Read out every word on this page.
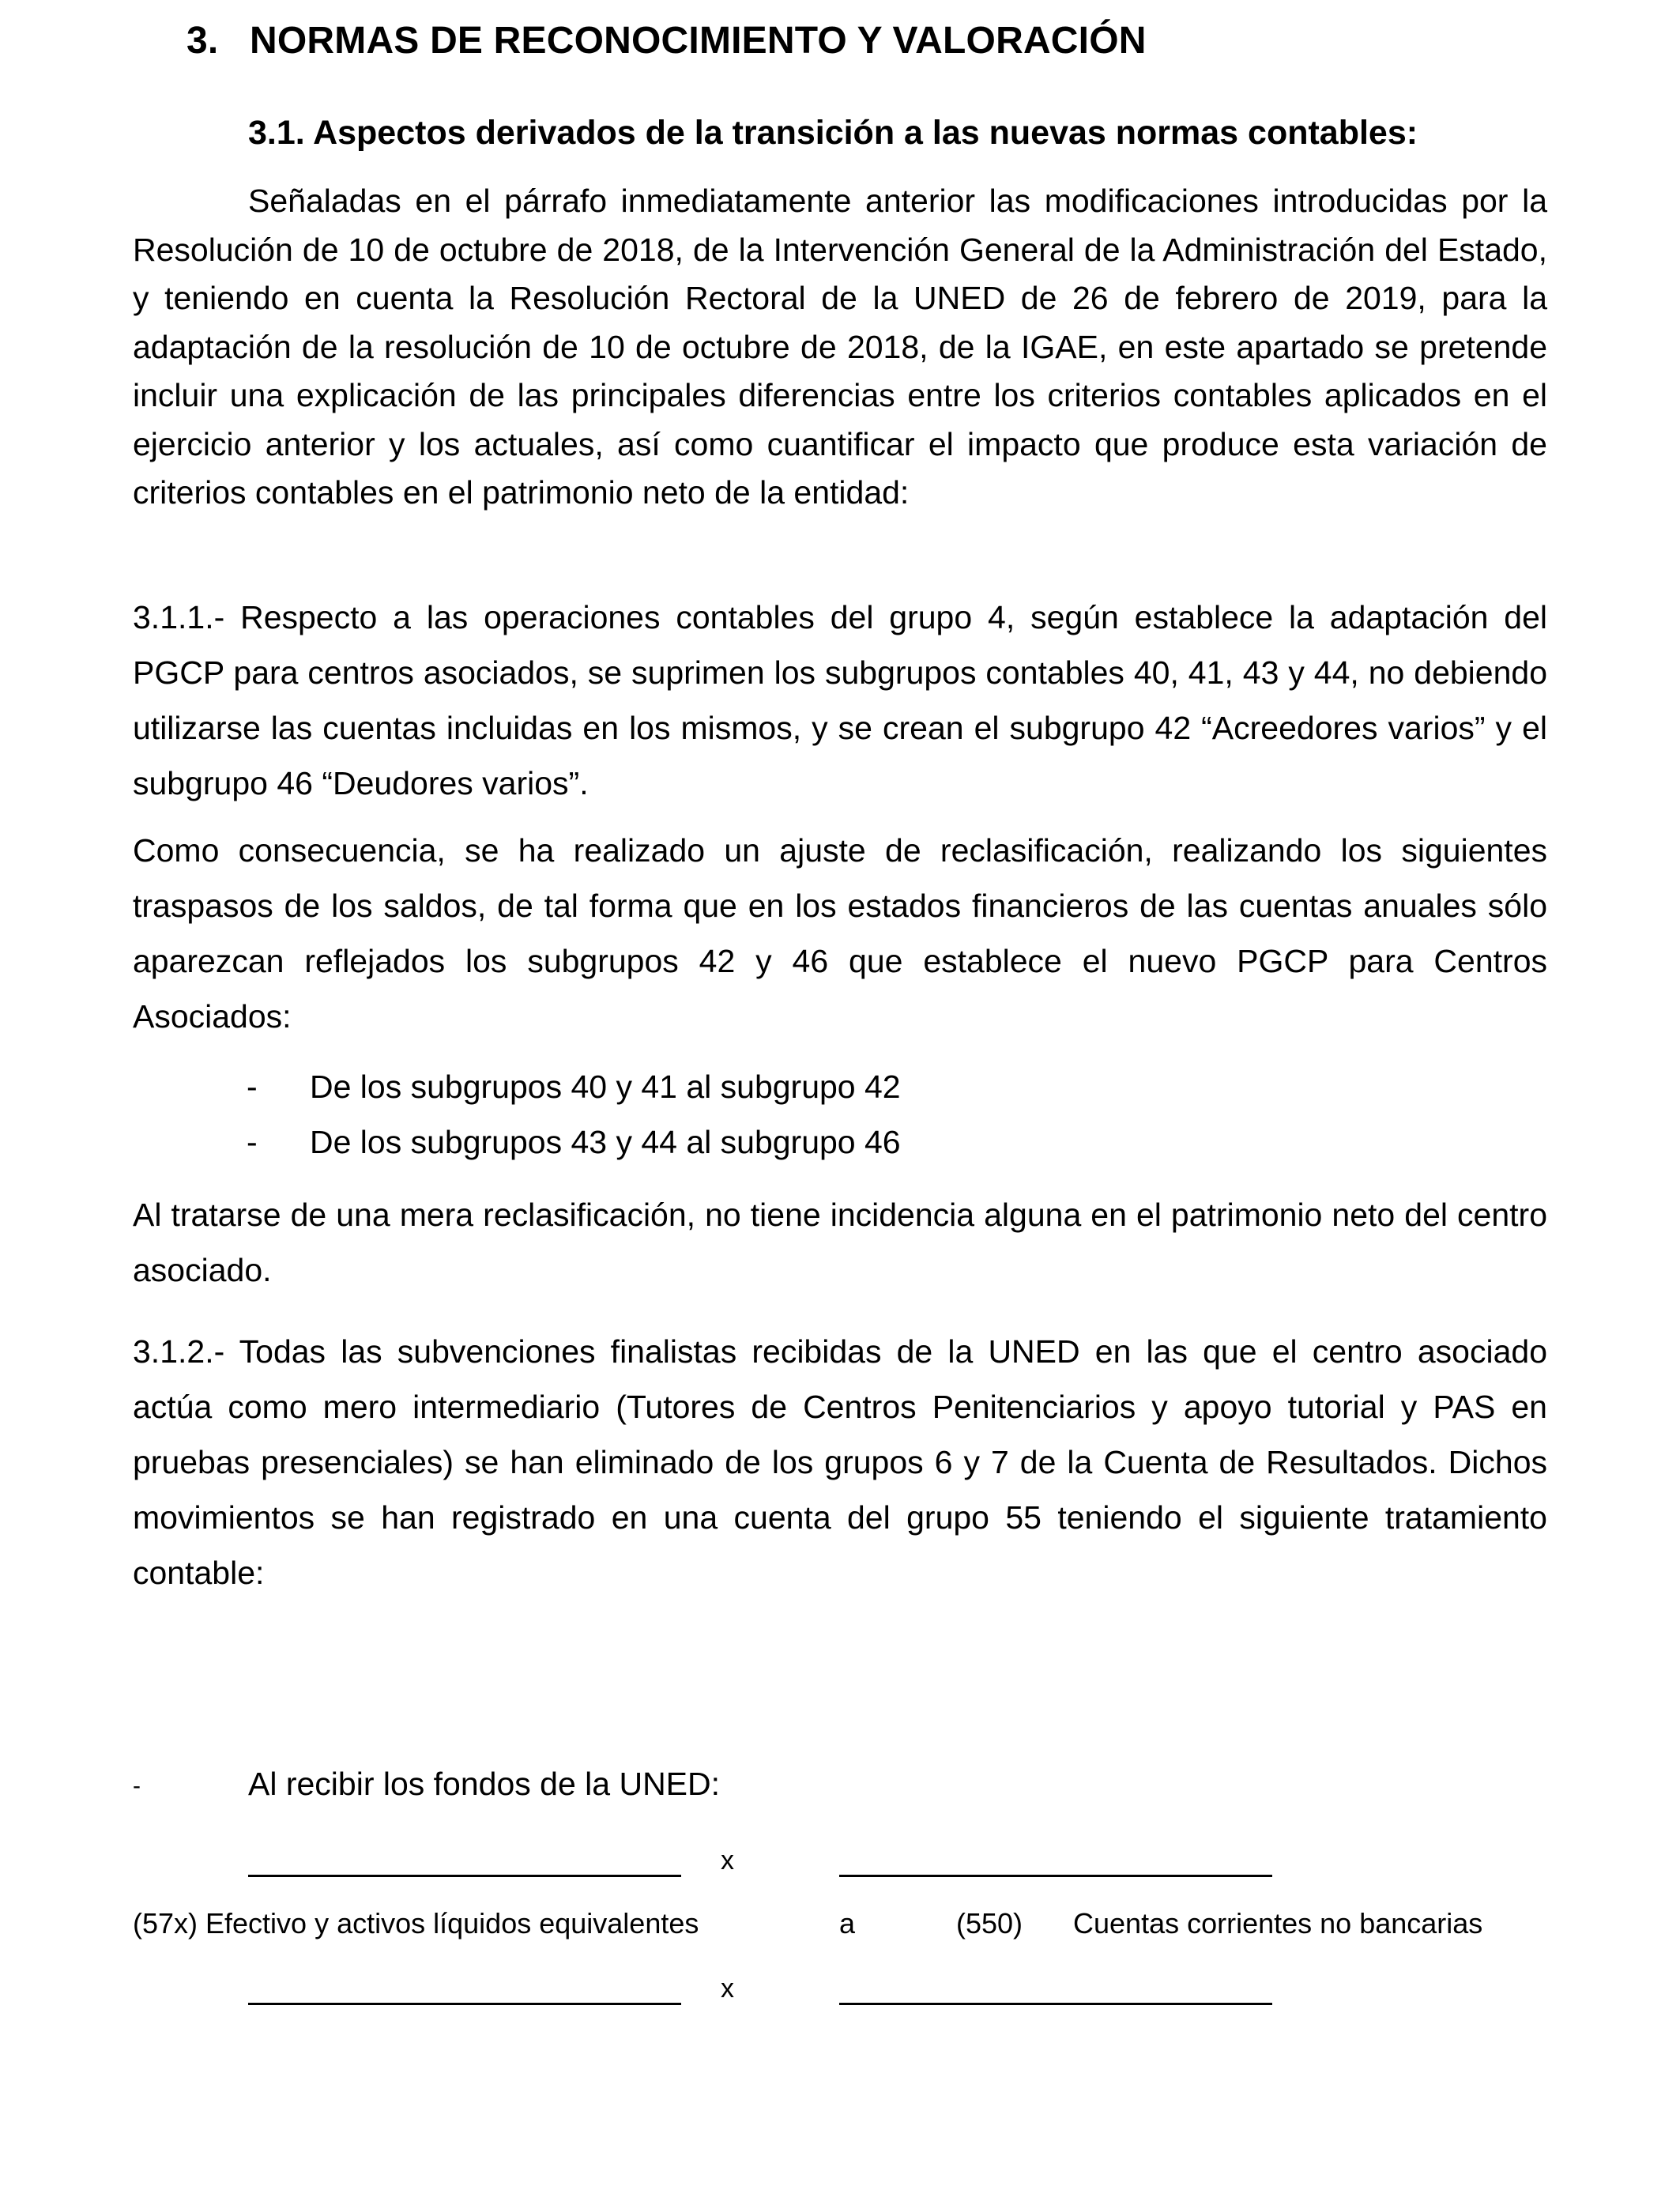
3. NORMAS DE RECONOCIMIENTO Y VALORACIÓN
3.1. Aspectos derivados de la transición a las nuevas normas contables:

Señaladas en el párrafo inmediatamente anterior las modificaciones introducidas por la Resolución de 10 de octubre de 2018, de la Intervención General de la Administración del Estado, y teniendo en cuenta la Resolución Rectoral de la UNED de 26 de febrero de 2019, para la adaptación de la resolución de 10 de octubre de 2018, de la IGAE, en este apartado se pretende incluir una explicación de las principales diferencias entre los criterios contables aplicados en el ejercicio anterior y los actuales, así como cuantificar el impacto que produce esta variación de criterios contables en el patrimonio neto de la entidad:

3.1.1.- Respecto a las operaciones contables del grupo 4, según establece la adaptación del PGCP para centros asociados, se suprimen los subgrupos contables 40, 41, 43 y 44, no debiendo utilizarse las cuentas incluidas en los mismos, y se crean el subgrupo 42 “Acreedores varios” y el subgrupo 46 “Deudores varios”.

Como consecuencia, se ha realizado un ajuste de reclasificación, realizando los siguientes traspasos de los saldos, de tal forma que en los estados financieros de las cuentas anuales sólo aparezcan reflejados los subgrupos 42 y 46 que establece el nuevo PGCP para Centros Asociados:

- De los subgrupos 40 y 41 al subgrupo 42
- De los subgrupos 43 y 44 al subgrupo 46

Al tratarse de una mera reclasificación, no tiene incidencia alguna en el patrimonio neto del centro asociado.

3.1.2.- Todas las subvenciones finalistas recibidas de la UNED en las que el centro asociado actúa como mero intermediario (Tutores de Centros Penitenciarios y apoyo tutorial y PAS en pruebas presenciales) se han eliminado de los grupos 6 y 7 de la Cuenta de Resultados. Dichos movimientos se han registrado en una cuenta del grupo 55 teniendo el siguiente tratamiento contable:

-	Al recibir los fondos de la UNED:
x
(57x) Efectivo y activos líquidos equivalentes	a	(550) Cuentas corrientes no bancarias
x
